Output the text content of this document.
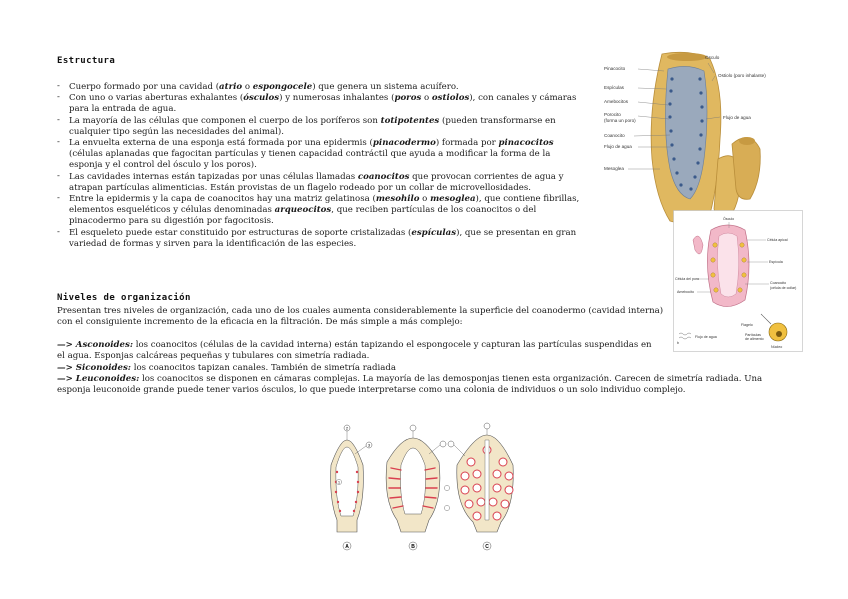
Estructura
- Cuerpo formado por una cavidad (atrio o espongocele) que genera un sistema acuífero.
- Con uno o varias aberturas exhalantes (ósculos) y numerosas inhalantes (poros o ostiolos), con canales y cámaras para la entrada de agua.
- La mayoría de las células que componen el cuerpo de los poríferos son totipotentes (pueden transformarse en cualquier tipo según las necesidades del animal).
- La envuelta externa de una esponja está formada por una epidermis (pinacodermo) formada por pinacocitos (células aplanadas que fagocitan partículas y tienen capacidad contráctil que ayuda a modificar la forma de la esponja y el control del ósculo y los poros).
- Las cavidades internas están tapizadas por unas células llamadas coanocitos que provocan corrientes de agua y atrapan partículas alimenticias. Están provistas de un flagelo rodeado por un collar de microvellosidades.
- Entre la epidermis y la capa de coanocitos hay una matriz gelatinosa (mesohilo o mesoglea), que contiene fibrillas, elementos esqueléticos y células denominadas arqueocitos, que reciben partículas de los coanocitos o del pinacodermo para su digestión por fagocitosis.
- El esqueleto puede estar constituido por estructuras de soporte cristalizadas (espículas), que se presentan en gran variedad de formas y sirven para la identificación de las especies.
Pinacocito
Ósculo
Ostiolo (poro inhalante)
Espículas
Amebocitos
Porocito
(forma un poro)
Flujo de agua
Coanocito
Flujo de agua
Mesoglea
Ósculo
Célula apical
Espícula
Célula del poro
Amebocito
Coanocito
(célula de collar)
Flagelo
Partículas
de alimento
Flujo de agua
Núcleo
b
Niveles de organización

Presentan tres niveles de organización, cada uno de los cuales aumenta considerablemente la superficie del coanodermo (cavidad interna) con el consiguiente incremento de la eficacia en la filtración. De más simple a más complejo:

—> Asconoides: los coanocitos (células de la cavidad interna) están tapizando el espongocele y capturan las partículas suspendidas en el agua. Esponjas calcáreas pequeñas y tubulares con simetría radiada.

—> Siconoides: los coanocitos tapizan canales. También de simetría radiada

—> Leuconoides: los coanocitos se disponen en cámaras complejas. La mayoría de las demosponjas tienen esta organización. Carecen de simetría radiada. Una esponja leuconoide grande puede tener varios ósculos, lo que puede interpretarse como una colonia de individuos o un solo individuo complejo.

2
3
1
A	B	C
